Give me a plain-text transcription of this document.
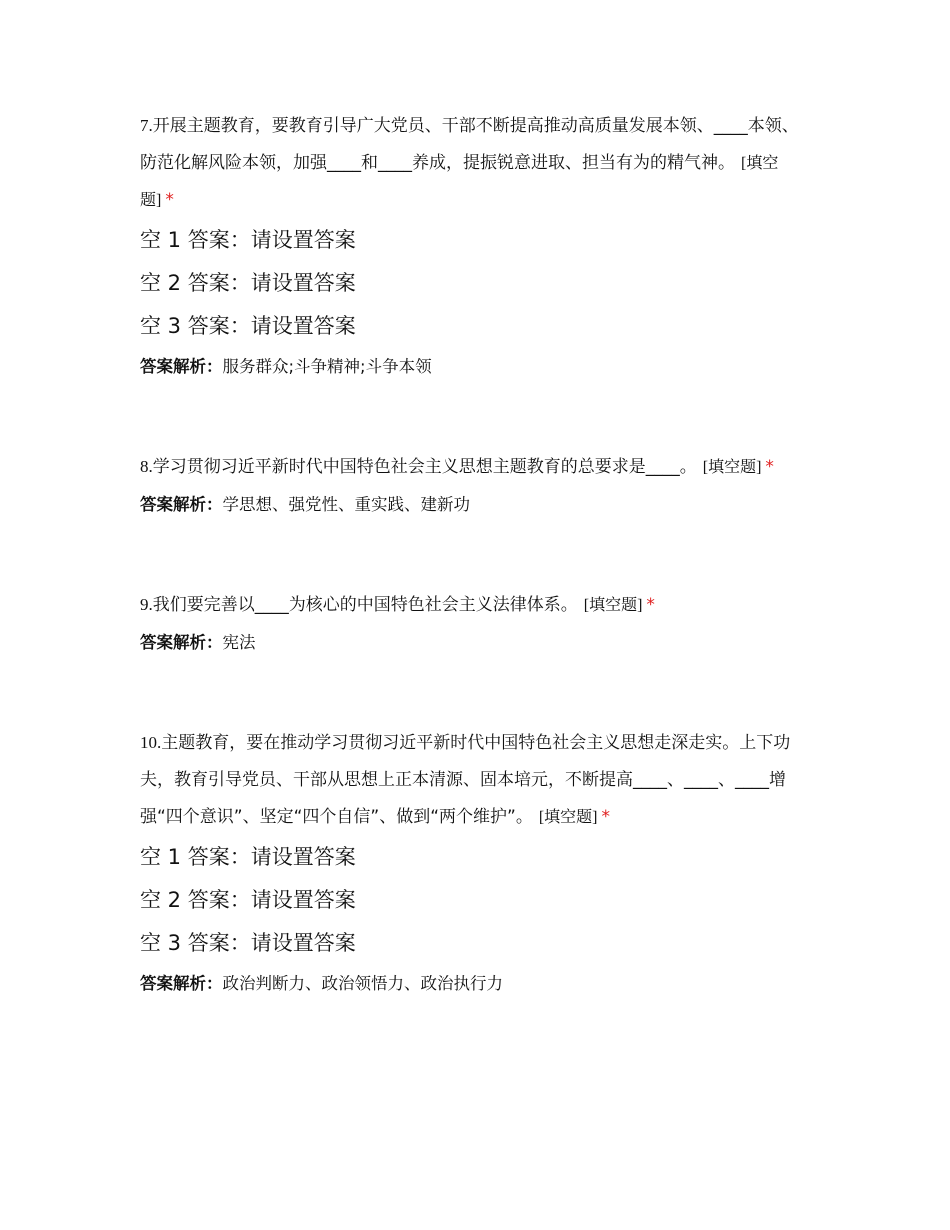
7.开展主题教育，要教育引导广大党员、干部不断提高推动高质量发展本领、____本领、防范化解风险本领，加强____和____养成，提振锐意进取、担当有为的精气神。 [填空题] *

空 1 答案：请设置答案

空 2 答案：请设置答案

空 3 答案：请设置答案

答案解析：服务群众;斗争精神;斗争本领

8.学习贯彻习近平新时代中国特色社会主义思想主题教育的总要求是____。 [填空题] *

答案解析：学思想、强党性、重实践、建新功

9.我们要完善以____为核心的中国特色社会主义法律体系。 [填空题] *

答案解析：宪法

10.主题教育，要在推动学习贯彻习近平新时代中国特色社会主义思想走深走实。上下功夫，教育引导党员、干部从思想上正本清源、固本培元，不断提高____、____、____增强“四个意识”、坚定“四个自信”、做到“两个维护”。 [填空题] *

空 1 答案：请设置答案

空 2 答案：请设置答案

空 3 答案：请设置答案

答案解析：政治判断力、政治领悟力、政治执行力
